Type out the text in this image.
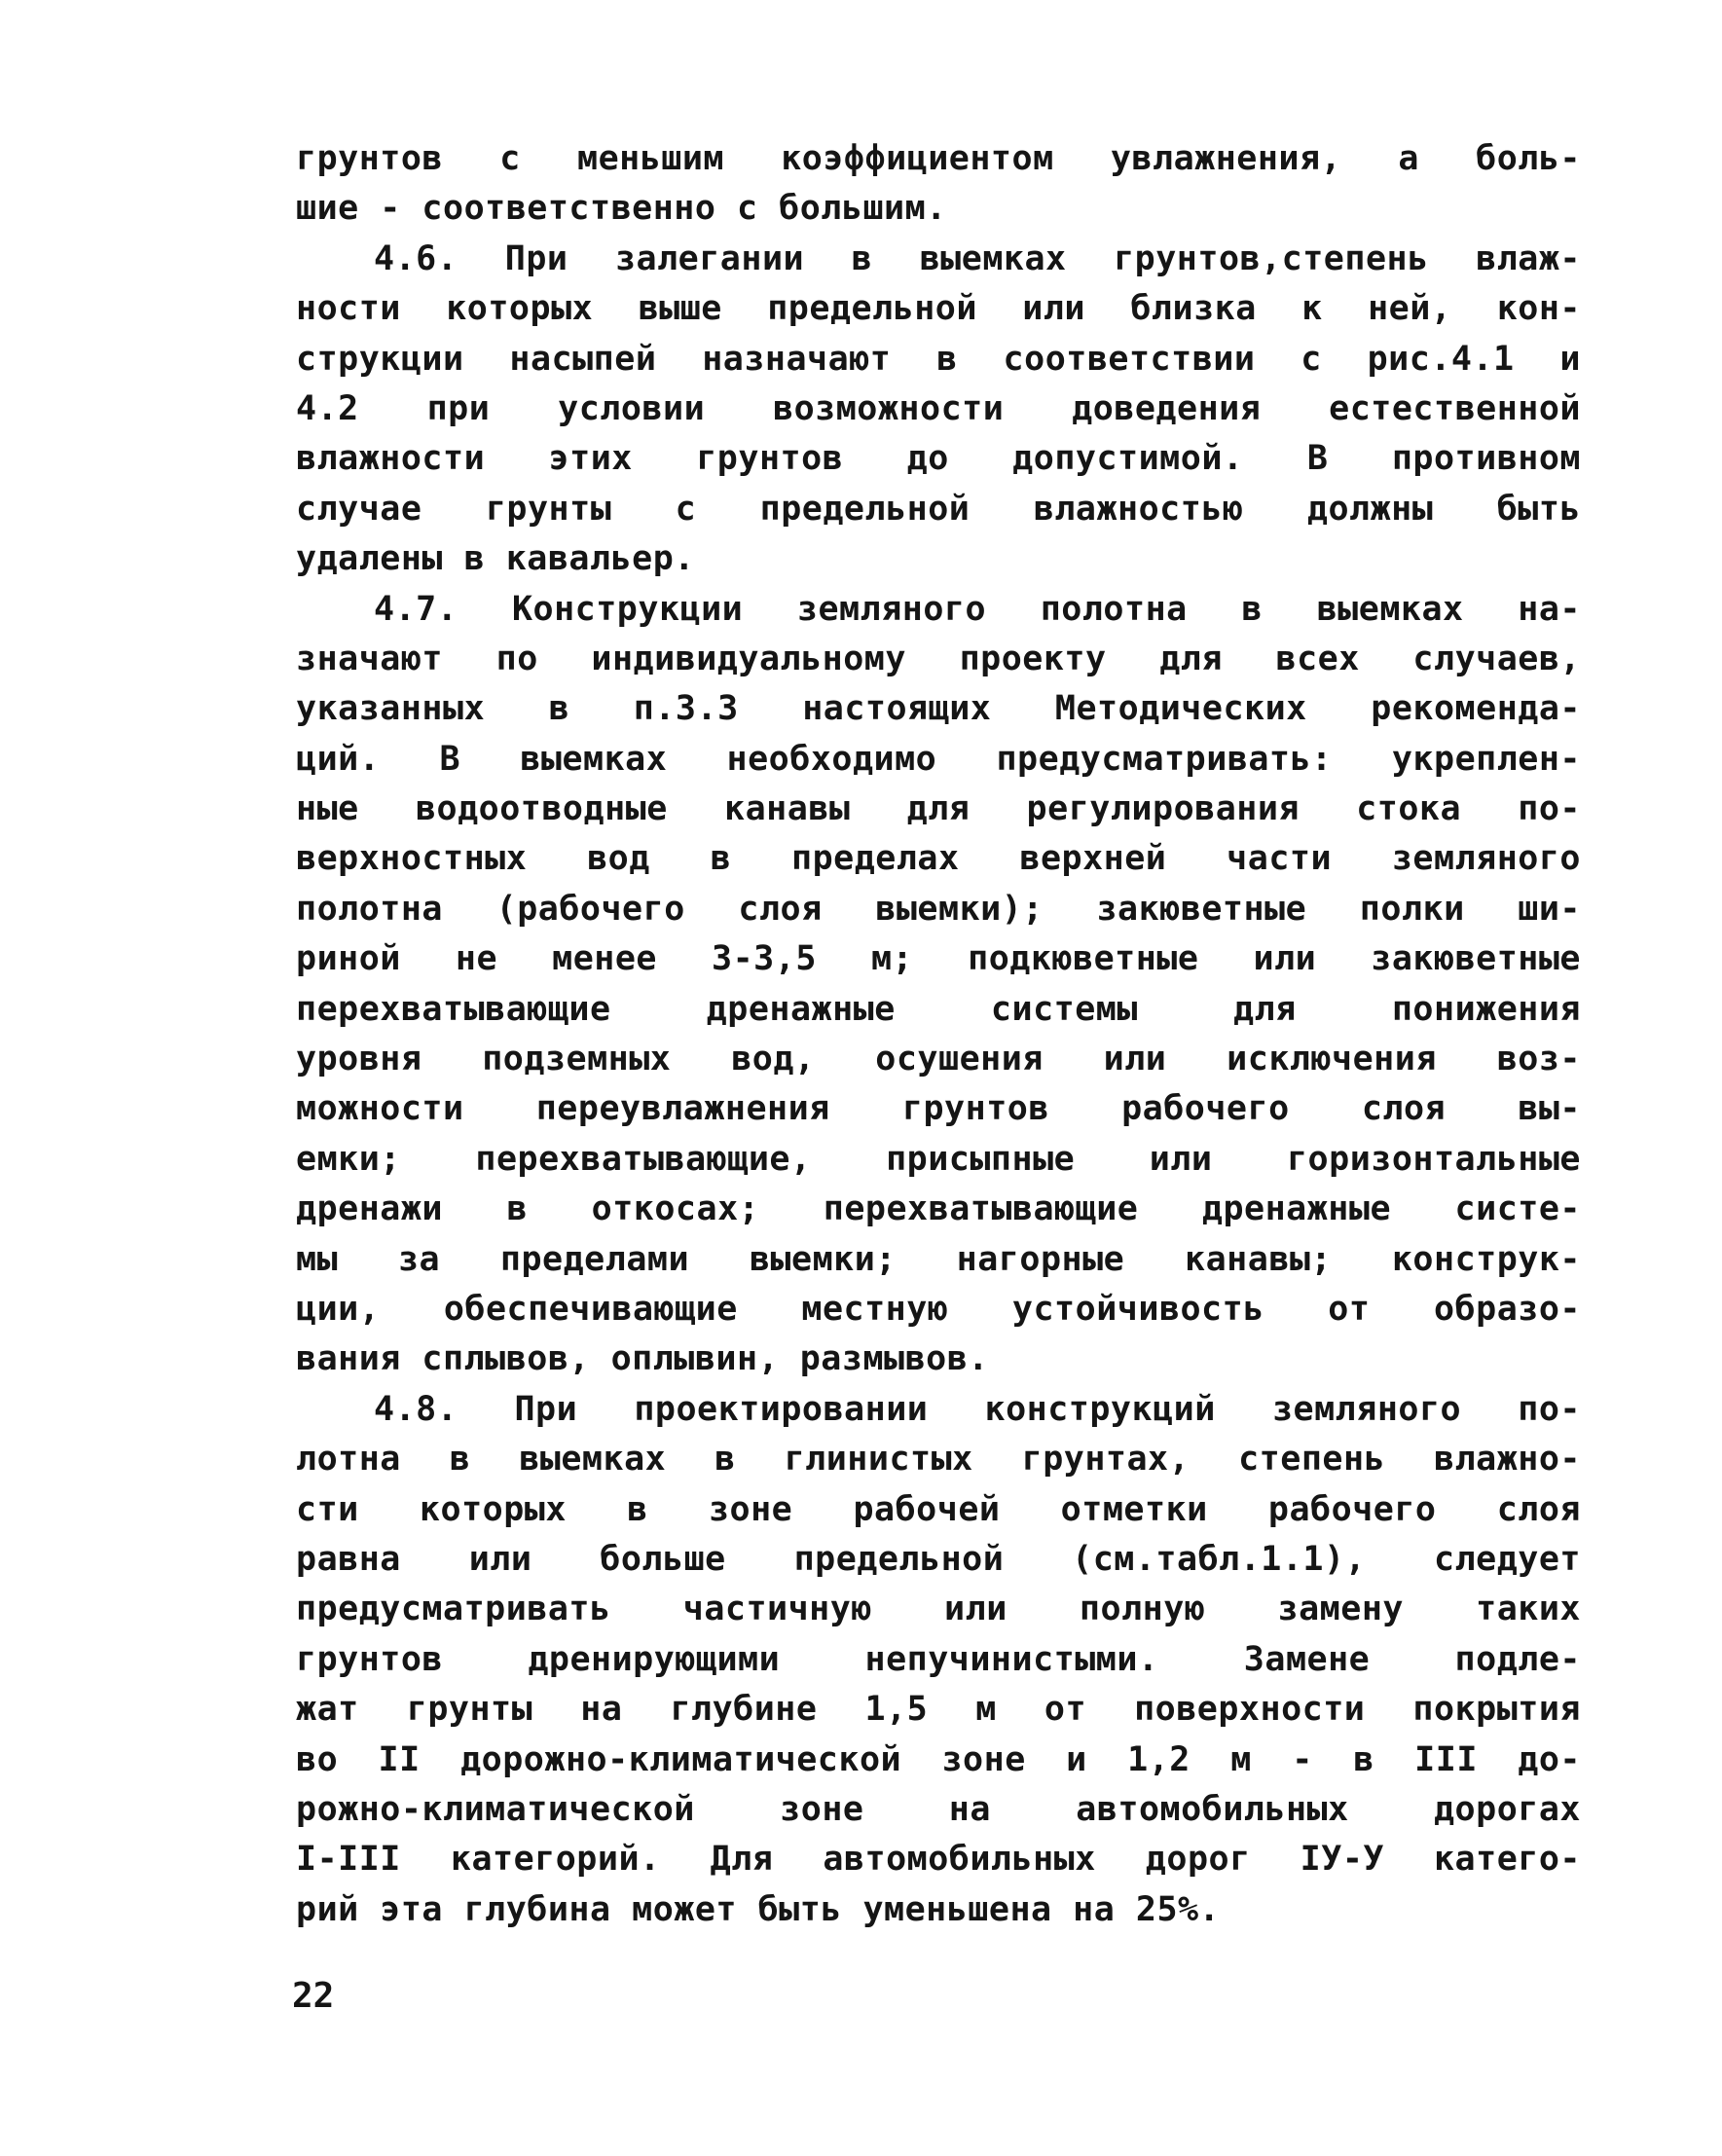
грунтов с меньшим коэффициентом увлажнения, а боль-
шие - соответственно с большим.
4.6. При залегании в выемках грунтов,степень влаж-
ности которых выше предельной или близка к ней, кон-
струкции насыпей назначают в соответствии с рис.4.1 и
4.2 при условии возможности доведения естественной
влажности этих грунтов до допустимой. В противном
случае грунты с предельной влажностью должны быть
удалены в кавальер.
4.7. Конструкции земляного полотна в выемках на-
значают по индивидуальному проекту для всех случаев,
указанных в п.3.3 настоящих Методических рекоменда-
ций. В выемках необходимо предусматривать: укреплен-
ные водоотводные канавы для регулирования стока по-
верхностных вод в пределах верхней части земляного
полотна (рабочего слоя выемки); закюветные полки ши-
риной не менее 3-3,5 м; подкюветные или закюветные
перехватывающие дренажные системы для понижения
уровня подземных вод, осушения или исключения воз-
можности переувлажнения грунтов рабочего слоя вы-
емки; перехватывающие, присыпные или горизонтальные
дренажи в откосах; перехватывающие дренажные систе-
мы за пределами выемки; нагорные канавы; конструк-
ции, обеспечивающие местную устойчивость от образо-
вания сплывов, оплывин, размывов.
4.8. При проектировании конструкций земляного по-
лотна в выемках в глинистых грунтах, степень влажно-
сти которых в зоне рабочей отметки рабочего слоя
равна или больше предельной (см.табл.1.1), следует
предусматривать частичную или полную замену таких
грунтов дренирующими непучинистыми. Замене подле-
жат грунты на глубине 1,5 м от поверхности покрытия
во II дорожно-климатической зоне и 1,2 м - в III до-
рожно-климатической зоне на автомобильных дорогах
I-III категорий. Для автомобильных дорог IУ-У катего-
рий эта глубина может быть уменьшена на 25%.
22
